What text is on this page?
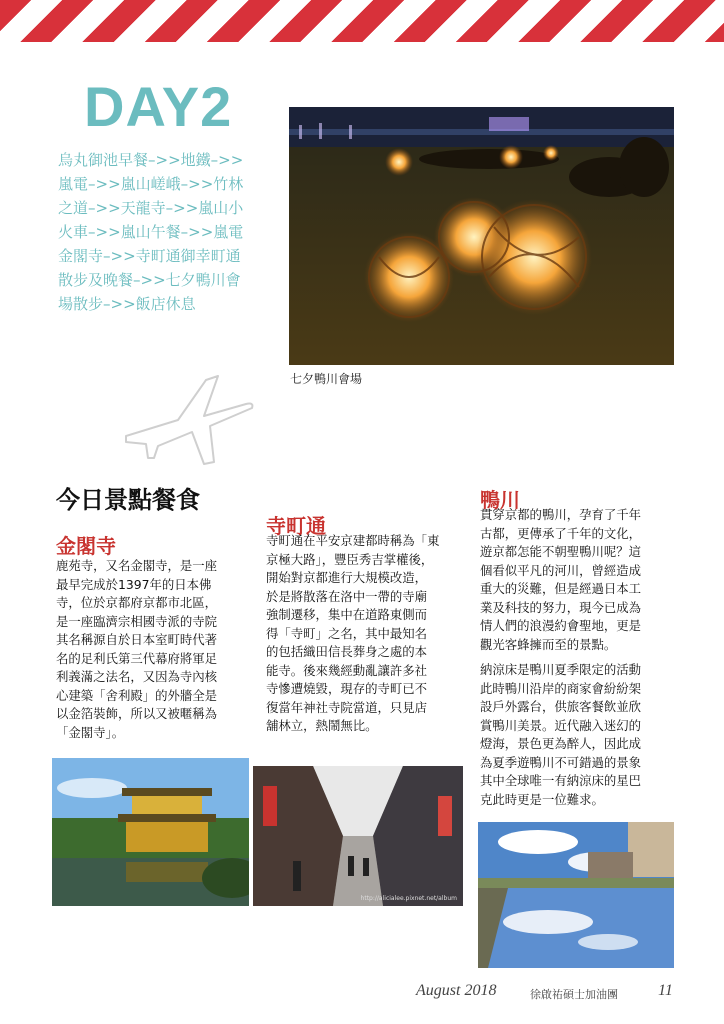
DAY2

烏丸御池早餐–>>地鐵–>>
嵐電–>>嵐山嵯峨–>>竹林
之道–>>天龍寺–>>嵐山小
火車–>>嵐山午餐–>>嵐電
金閣寺–>>寺町通御幸町通
散步及晚餐–>>七夕鴨川會
場散步–>>飯店休息

七夕鴨川會場
今日景點餐食
金閣寺

鹿苑寺，又名金閣寺，是一座
最早完成於1397年的日本佛
寺，位於京都府京都市北區，
是一座臨濟宗相國寺派的寺院
其名稱源自於日本室町時代著
名的足利氏第三代幕府將軍足
利義滿之法名，又因為寺內核
心建築「舍利殿」的外牆全是
以金箔裝飾，所以又被暱稱為
「金閣寺」。

寺町通

寺町通在平安京建都時稱為「東
京極大路」，豐臣秀吉掌權後，
開始對京都進行大規模改造，
於是將散落在洛中一帶的寺廟
強制遷移，集中在道路東側而
得「寺町」之名，其中最知名
的包括織田信長葬身之處的本
能寺。後來幾經動亂讓許多社
寺慘遭燒毀，現存的寺町已不
復當年神社寺院當道，只見店
舖林立，熱鬧無比。

鴨川

貫穿京都的鴨川，孕育了千年
古都，更傳承了千年的文化，
遊京都怎能不朝聖鴨川呢？這
個看似平凡的河川，曾經造成
重大的災難，但是經過日本工
業及科技的努力，現今已成為
情人們的浪漫約會聖地，更是
觀光客蜂擁而至的景點。

納涼床是鴨川夏季限定的活動
此時鴨川沿岸的商家會紛紛架
設戶外露台，供旅客餐飲並欣
賞鴨川美景。近代融入迷幻的
燈海，景色更為醉人，因此成
為夏季遊鴨川不可錯過的景象
其中全球唯一有納涼床的星巴
克此時更是一位難求。

http://alicialee.pixnet.net/album
August 2018	徐啟祐碩士加油團	11
